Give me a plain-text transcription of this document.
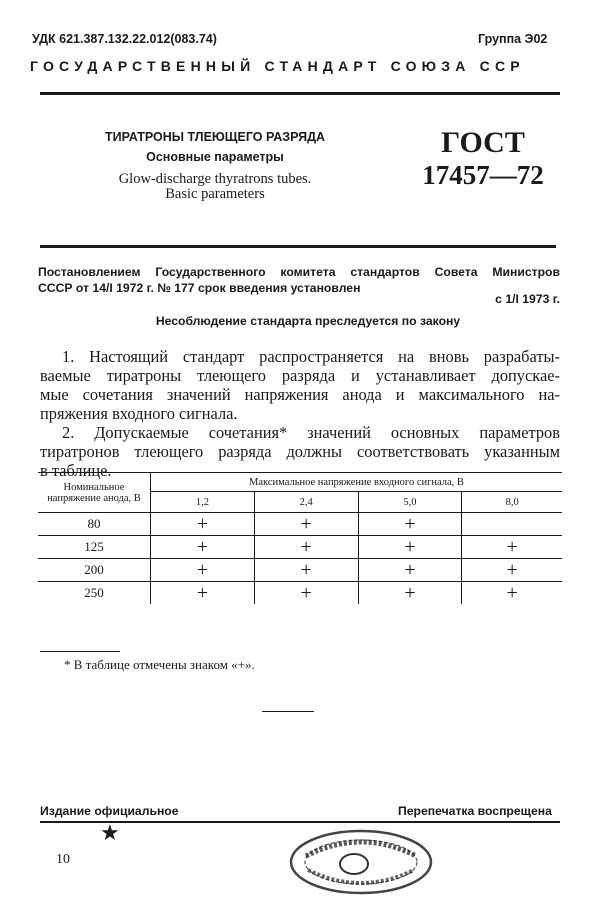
УДК 621.387.132.22.012(083.74)	Группа Э02
ГОСУДАРСТВЕННЫЙ СТАНДАРТ СОЮЗА ССР
ТИРАТРОНЫ ТЛЕЮЩЕГО РАЗРЯДА
Основные параметры
Glow-discharge thyratrons tubes.
Basic parameters
ГОСТ
17457—72
Постановлением Государственного комитета стандартов Совета Министров
СССР от 14/I 1972 г. № 177 срок введения установлен
с 1/I 1973 г.
Несоблюдение стандарта преследуется по закону
1. Настоящий стандарт распространяется на вновь разрабаты-
ваемые тиратроны тлеющего разряда и устанавливает допускае-
мые сочетания значений напряжения анода и максимального на-
пряжения входного сигнала.
2. Допускаемые сочетания* значений основных параметров
тиратронов тлеющего разряда должны соответствовать указанным
в таблице.
Номинальное напряжение анода, В	Максимальное напряжение входного сигнала, В			
	1,2	2,4	5,0	8,0
80	+	+	+	
125	+	+	+	+
200	+	+	+	+
250	+	+	+	+
* В таблице отмечены знаком «+».
Издание официальное	Перепечатка воспрещена
★
10
